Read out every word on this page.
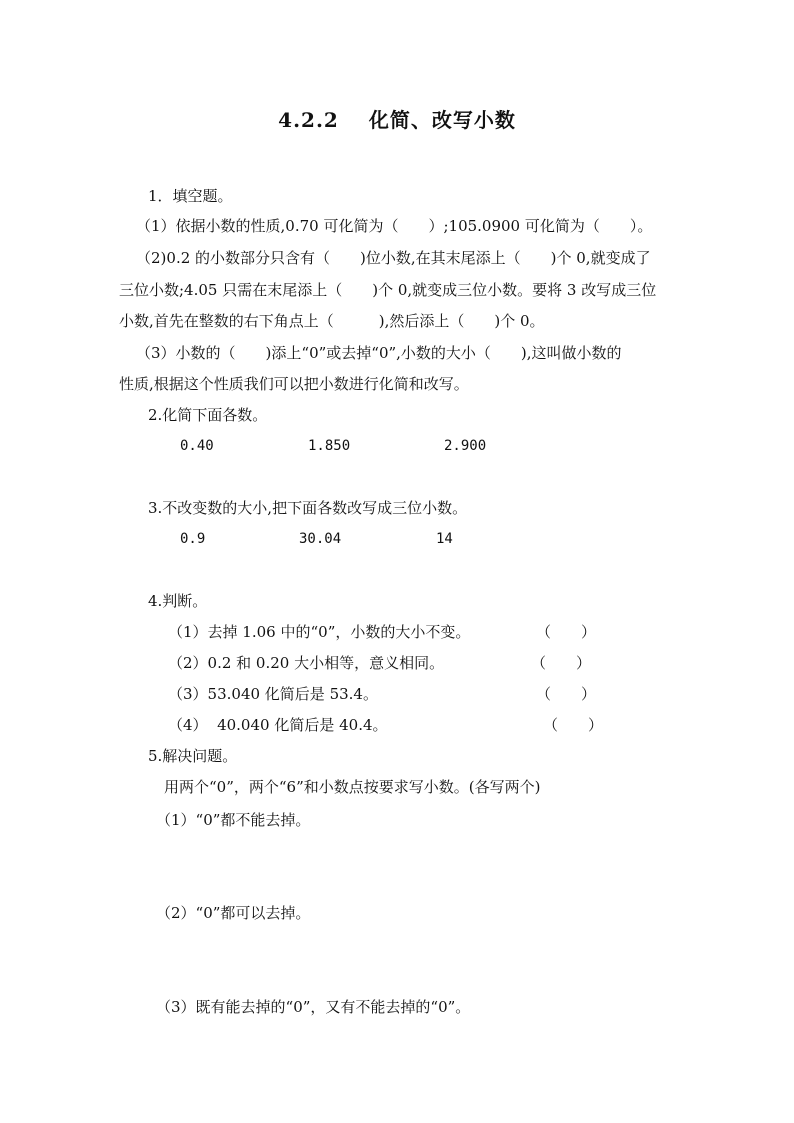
4.2.2 化简、改写小数
1．填空题。
（1）依据小数的性质,0.70 可化简为（　　）;105.0900 可化简为（　　）。
（2)0.2 的小数部分只含有（　　)位小数,在其末尾添上（　　)个 0,就变成了
三位小数;4.05 只需在末尾添上（　　)个 0,就变成三位小数。要将 3 改写成三位
小数,首先在整数的右下角点上（　　　),然后添上（　　)个 0。
（3）小数的（　　)添上“0”或去掉“0”,小数的大小（　　),这叫做小数的
性质,根据这个性质我们可以把小数进行化简和改写。
2.化简下面各数。
0.40	1.850	2.900
3.不改变数的大小,把下面各数改写成三位小数。
0.9	30.04	14
4.判断。
（1）去掉 1.06 中的“0”，小数的大小不变。	（　　）
（2）0.2 和 0.20 大小相等，意义相同。	（　　）
（3）53.040 化简后是 53.4。	（　　）
（4）  40.040 化简后是 40.4。	（　　）
5.解决问题。
用两个“0”，两个“6”和小数点按要求写小数。(各写两个)
（1）“0”都不能去掉。
（2）“0”都可以去掉。
（3）既有能去掉的“0”，又有不能去掉的“0”。
